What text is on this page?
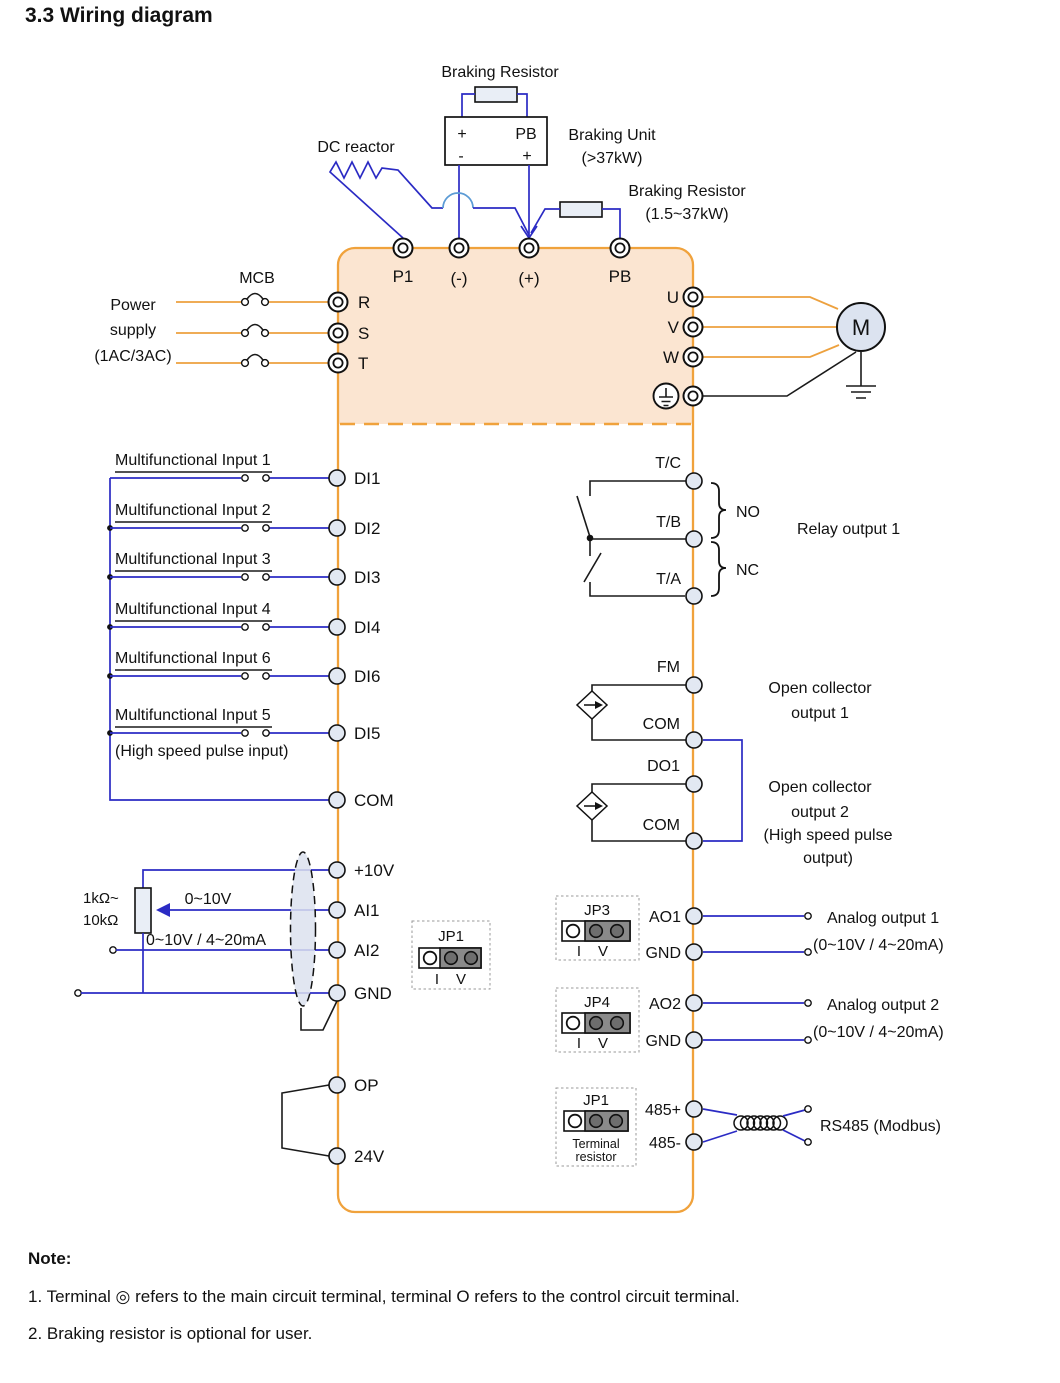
3.3 Wiring diagram
Power
supply
(1AC/3AC)
MCB
Braking Resistor
+	PB
-	+
Braking Unit
(>37kW)
DC reactor
Braking Resistor
(1.5~37kW)
M
R
S
T
P1 (-)	(+)	PB
U
V
W
Multifunctional Input 1
DI1
Multifunctional Input 2
DI2
Multifunctional Input 3
DI3
Multifunctional Input 4
DI4
Multifunctional Input 6
DI6
Multifunctional Input 5
DI5
(High speed pulse input)
COM
1kΩ~
10kΩ
0~10V
0~10V / 4~20mA
+10V
AI1
AI2
GND
JP1
I V
OP
24V
T/C
T/B
T/A
NO
NC
Relay output 1
FM
COM
Open collector
output 1
DO1
COM
Open collector
output 2
(High speed pulse
output)
JP3
I V
AO1
GND
Analog output 1
(0~10V / 4~20mA)
JP4
I V
AO2
GND
Analog output 2
(0~10V / 4~20mA)
JP1
Terminal
resistor
485+
485-
RS485 (Modbus)
Note:
1. Terminal ◎ refers to the main circuit terminal, terminal O refers to the control circuit terminal.
2. Braking resistor is optional for user.
